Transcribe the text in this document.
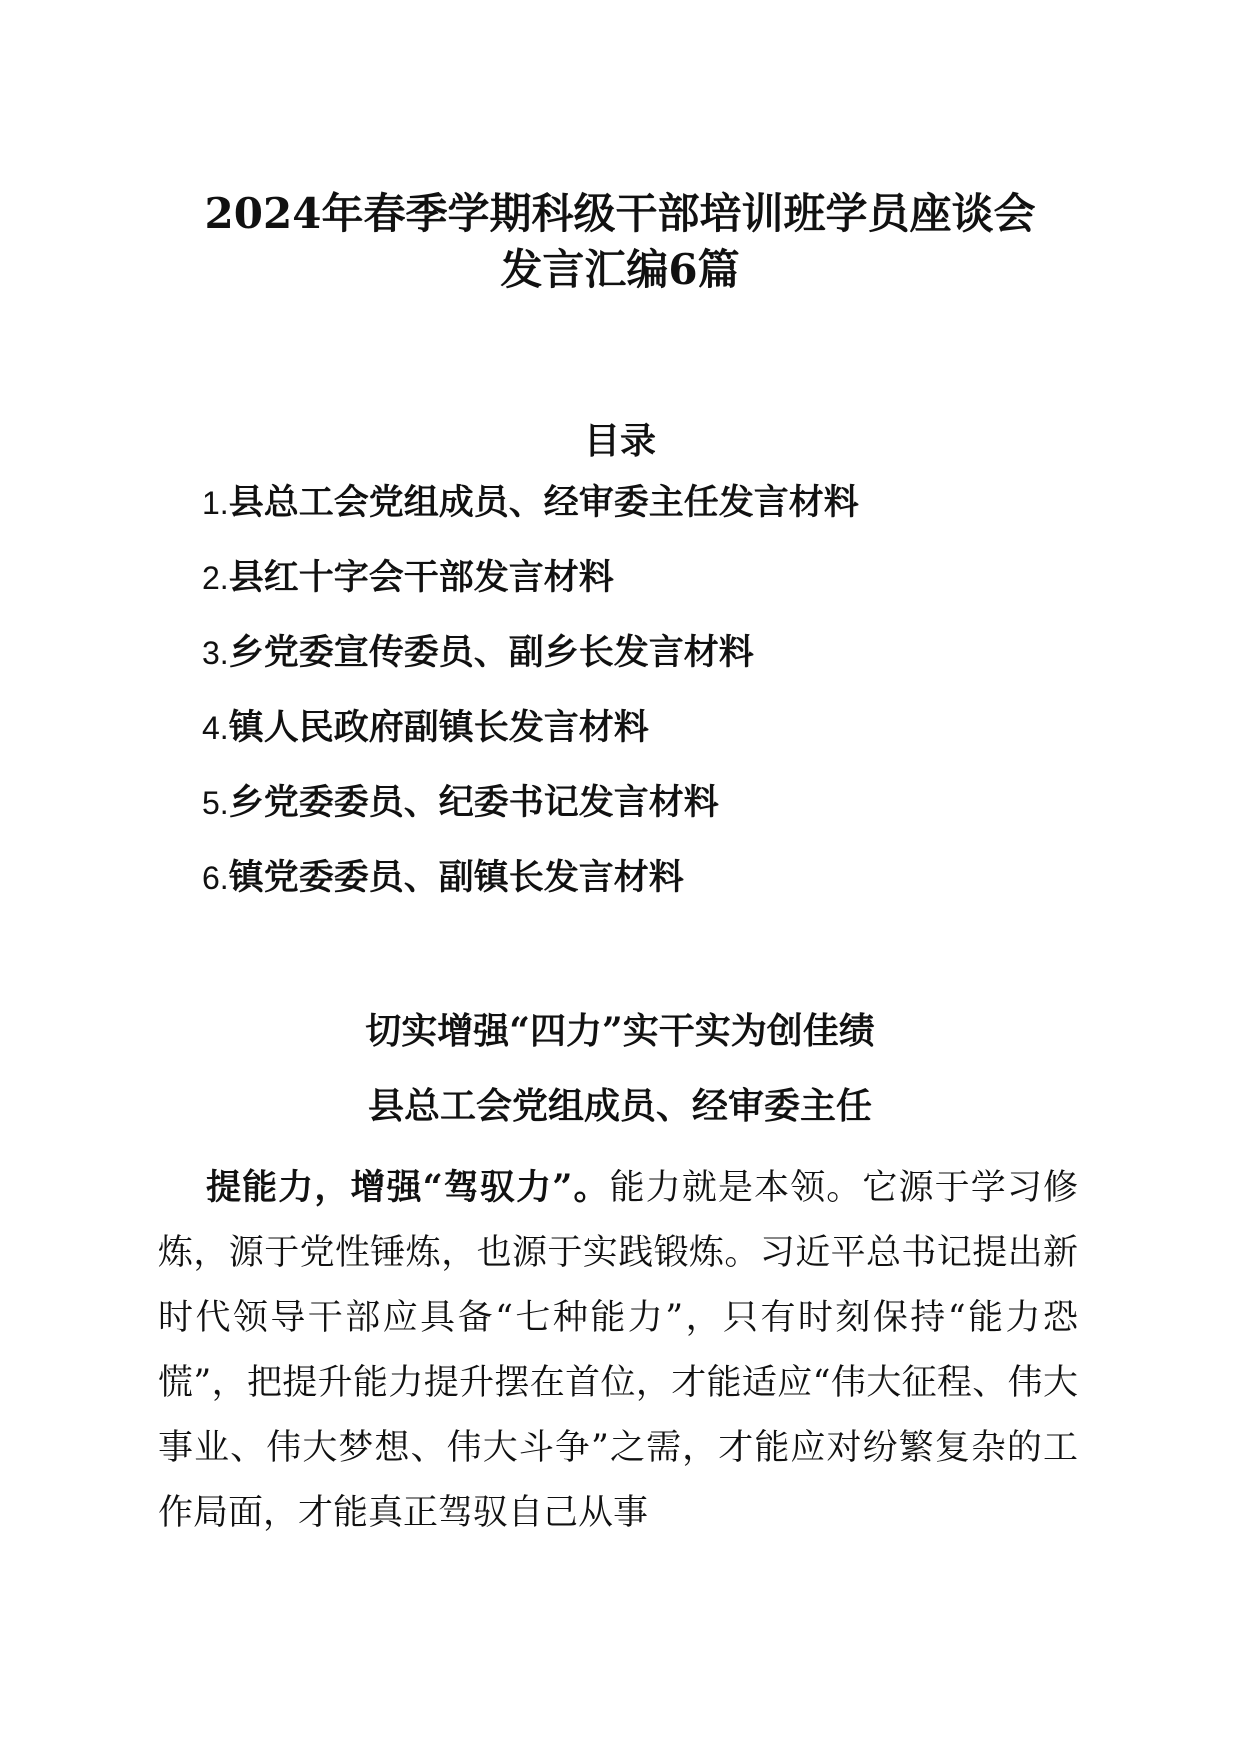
2024年春季学期科级干部培训班学员座谈会
发言汇编6篇
目录
1.县总工会党组成员、经审委主任发言材料
2.县红十字会干部发言材料
3.乡党委宣传委员、副乡长发言材料
4.镇人民政府副镇长发言材料
5.乡党委委员、纪委书记发言材料
6.镇党委委员、副镇长发言材料
切实增强“四力”实干实为创佳绩
县总工会党组成员、经审委主任

提能力，增强“驾驭力”。能力就是本领。它源于学习修炼，源于党性锤炼，也源于实践锻炼。习近平总书记提出新时代领导干部应具备“七种能力”，只有时刻保持“能力恐慌”，把提升能力提升摆在首位，才能适应“伟大征程、伟大事业、伟大梦想、伟大斗争”之需，才能应对纷繁复杂的工作局面，才能真正驾驭自己从事
